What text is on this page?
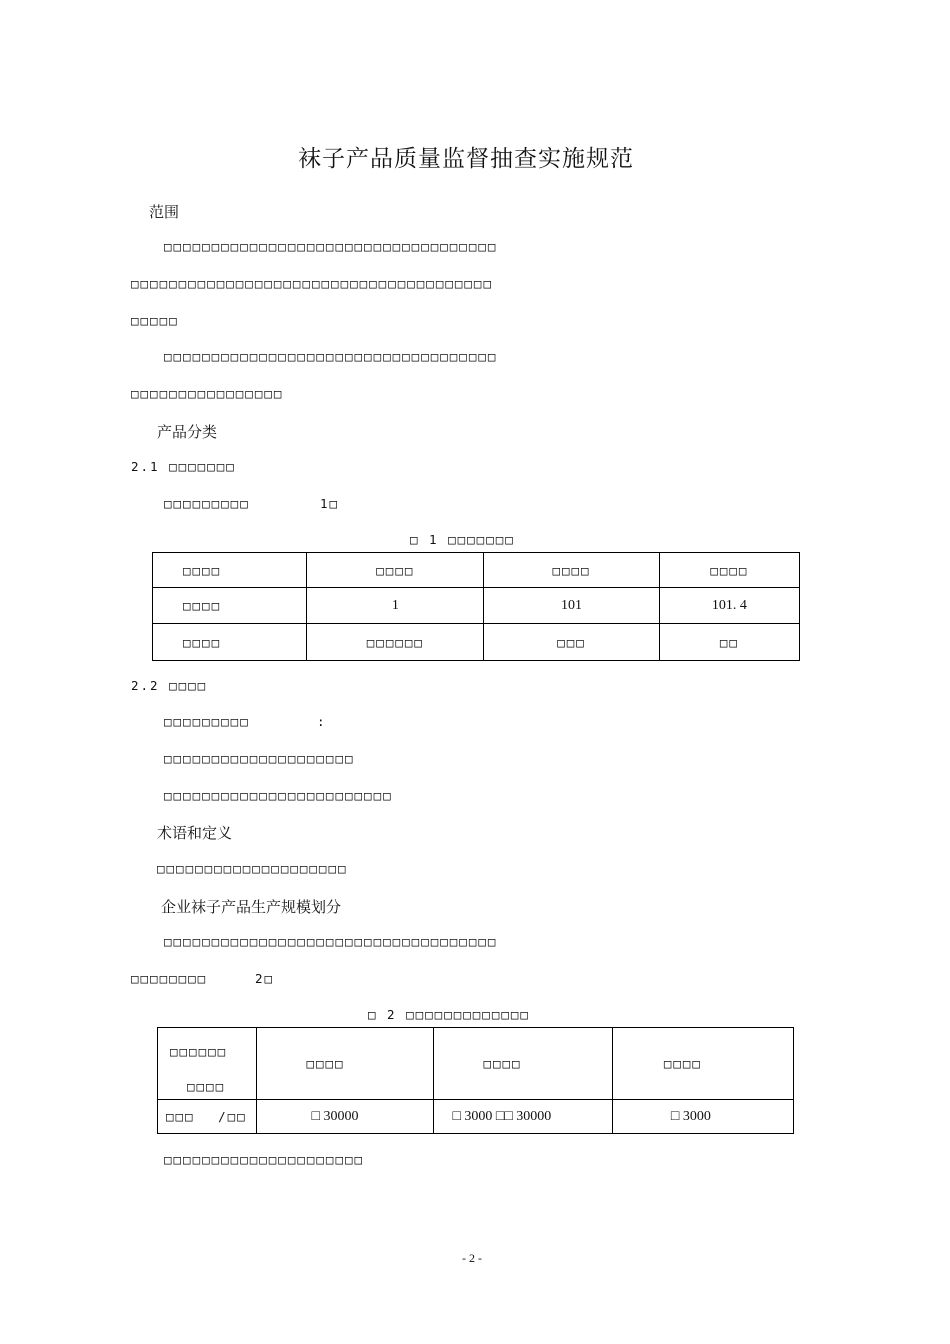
袜子产品质量监督抽查实施规范
范围
□□□□□□□□□□□□□□□□□□□□□□□□□□□□□□□□□□□
□□□□□□□□□□□□□□□□□□□□□□□□□□□□□□□□□□□□□□
□□□□□
□□□□□□□□□□□□□□□□□□□□□□□□□□□□□□□□□□□
□□□□□□□□□□□□□□□□
产品分类
2.1 □□□□□□□
□□□□□□□□□	1□
□ 1 □□□□□□□
□□□□	□□□□	□□□□	□□□□
□□□□	1	101	101. 4
□□□□	□□□□□□	□□□	□□
2.2 □□□□
□□□□□□□□□	:
□□□□□□□□□□□□□□□□□□□□
□□□□□□□□□□□□□□□□□□□□□□□□
术语和定义
□□□□□□□□□□□□□□□□□□□□
企业袜子产品生产规模划分
□□□□□□□□□□□□□□□□□□□□□□□□□□□□□□□□□□□
□□□□□□□□	2□
□ 2 □□□□□□□□□□□□□
□□□□□□
□□□□	□□□□	□□□□	□□□□
□□□ /□□	□ 30000	□ 3000 □□ 30000	□ 3000
□□□□□□□□□□□□□□□□□□□□□
- 2 -
